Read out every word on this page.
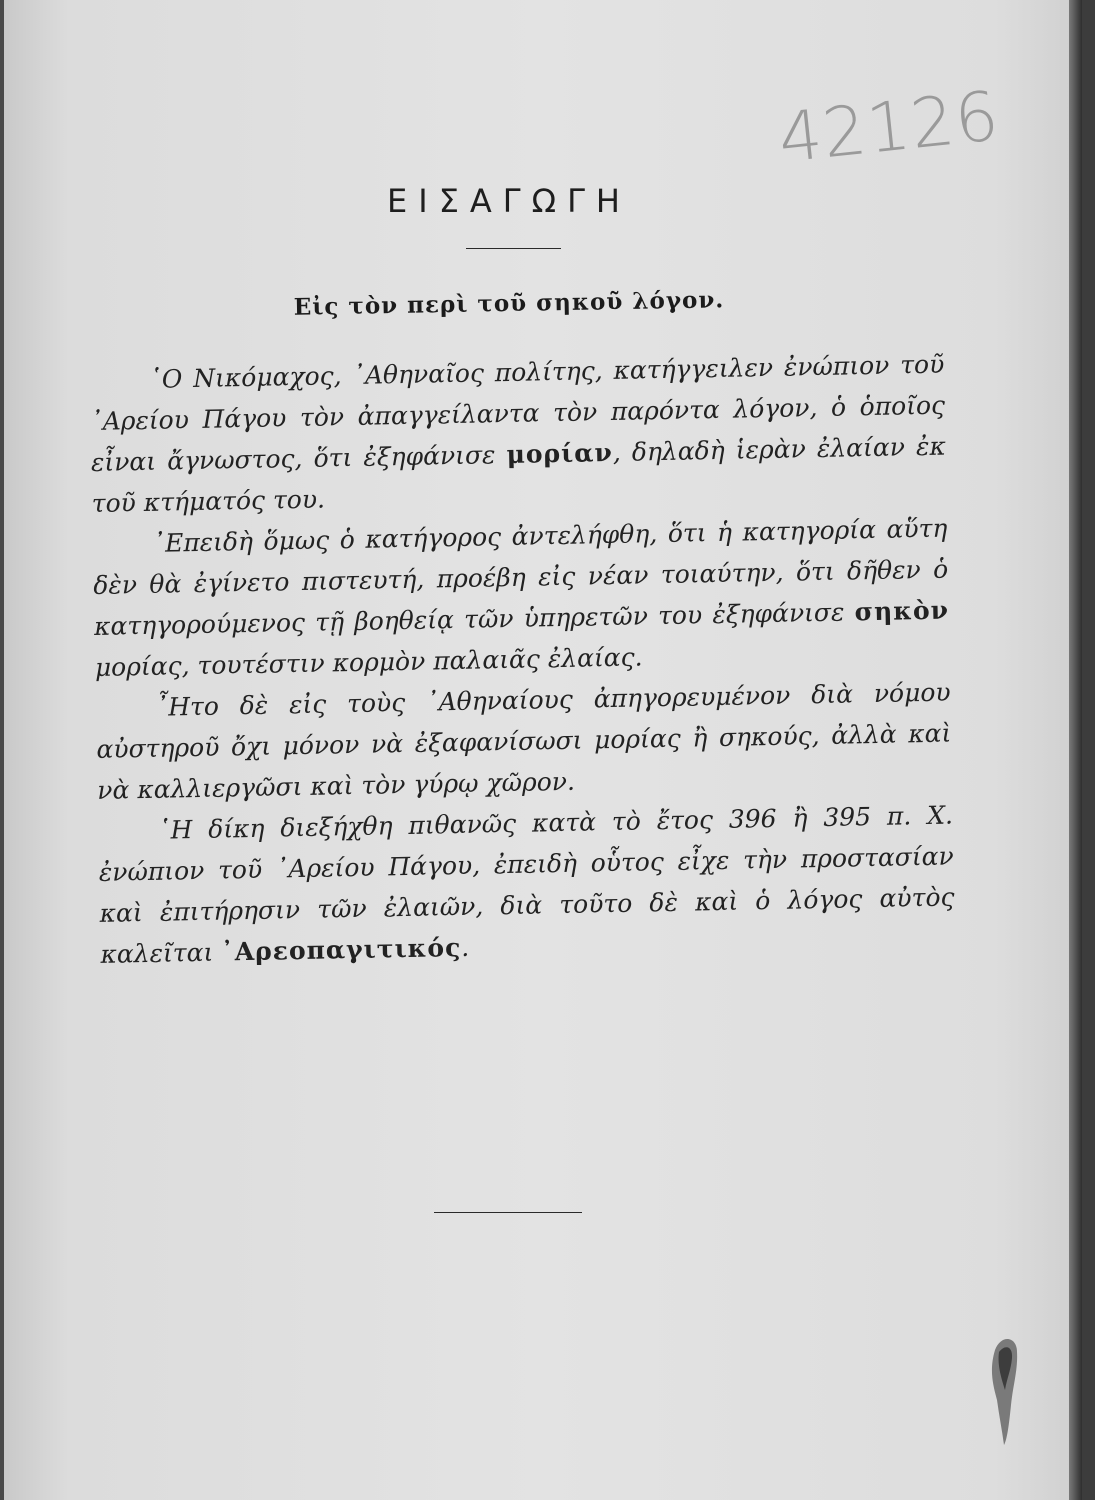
42126
ΕΙΣΑΓΩΓΗ
Εἰς τὸν περὶ τοῦ σηκοῦ λόγον.

῾Ο Νικόμαχος, ᾽Αθηναῖος πολίτης, κατήγγειλεν ἐνώπιον τοῦ ᾽Αρείου Πάγου τὸν ἀπαγγείλαντα τὸν παρόντα λόγον, ὁ ὁποῖος εἶναι ἄγνωστος, ὅτι ἐξηφάνισε μορίαν, δηλαδὴ ἱερὰν ἐλαίαν ἐκ τοῦ κτήματός του.

᾽Επειδὴ ὅμως ὁ κατήγορος ἀντελήφθη, ὅτι ἡ κατηγορία αὕτη δὲν θὰ ἐγίνετο πιστευτή, προέβη εἰς νέαν τοιαύτην, ὅτι δῆθεν ὁ κατηγορούμενος τῇ βοηθείᾳ τῶν ὑπηρετῶν του ἐξηφάνισε σηκὸν μορίας, τουτέστιν κορμὸν παλαιᾶς ἐλαίας.

῏Ητο δὲ εἰς τοὺς ᾽Αθηναίους ἀπηγορευμένον διὰ νόμου αὐστηροῦ ὄχι μόνον νὰ ἐξαφανίσωσι μορίας ἢ σηκούς, ἀλλὰ καὶ νὰ καλλιεργῶσι καὶ τὸν γύρῳ χῶρον.

῾Η δίκη διεξήχθη πιθανῶς κατὰ τὸ ἔτος 396 ἢ 395 π. Χ. ἐνώπιον τοῦ ᾽Αρείου Πάγου, ἐπειδὴ οὗτος εἶχε τὴν προστασίαν καὶ ἐπιτήρησιν τῶν ἐλαιῶν, διὰ τοῦτο δὲ καὶ ὁ λόγος αὐτὸς καλεῖται ᾽Αρεοπαγιτικός.
